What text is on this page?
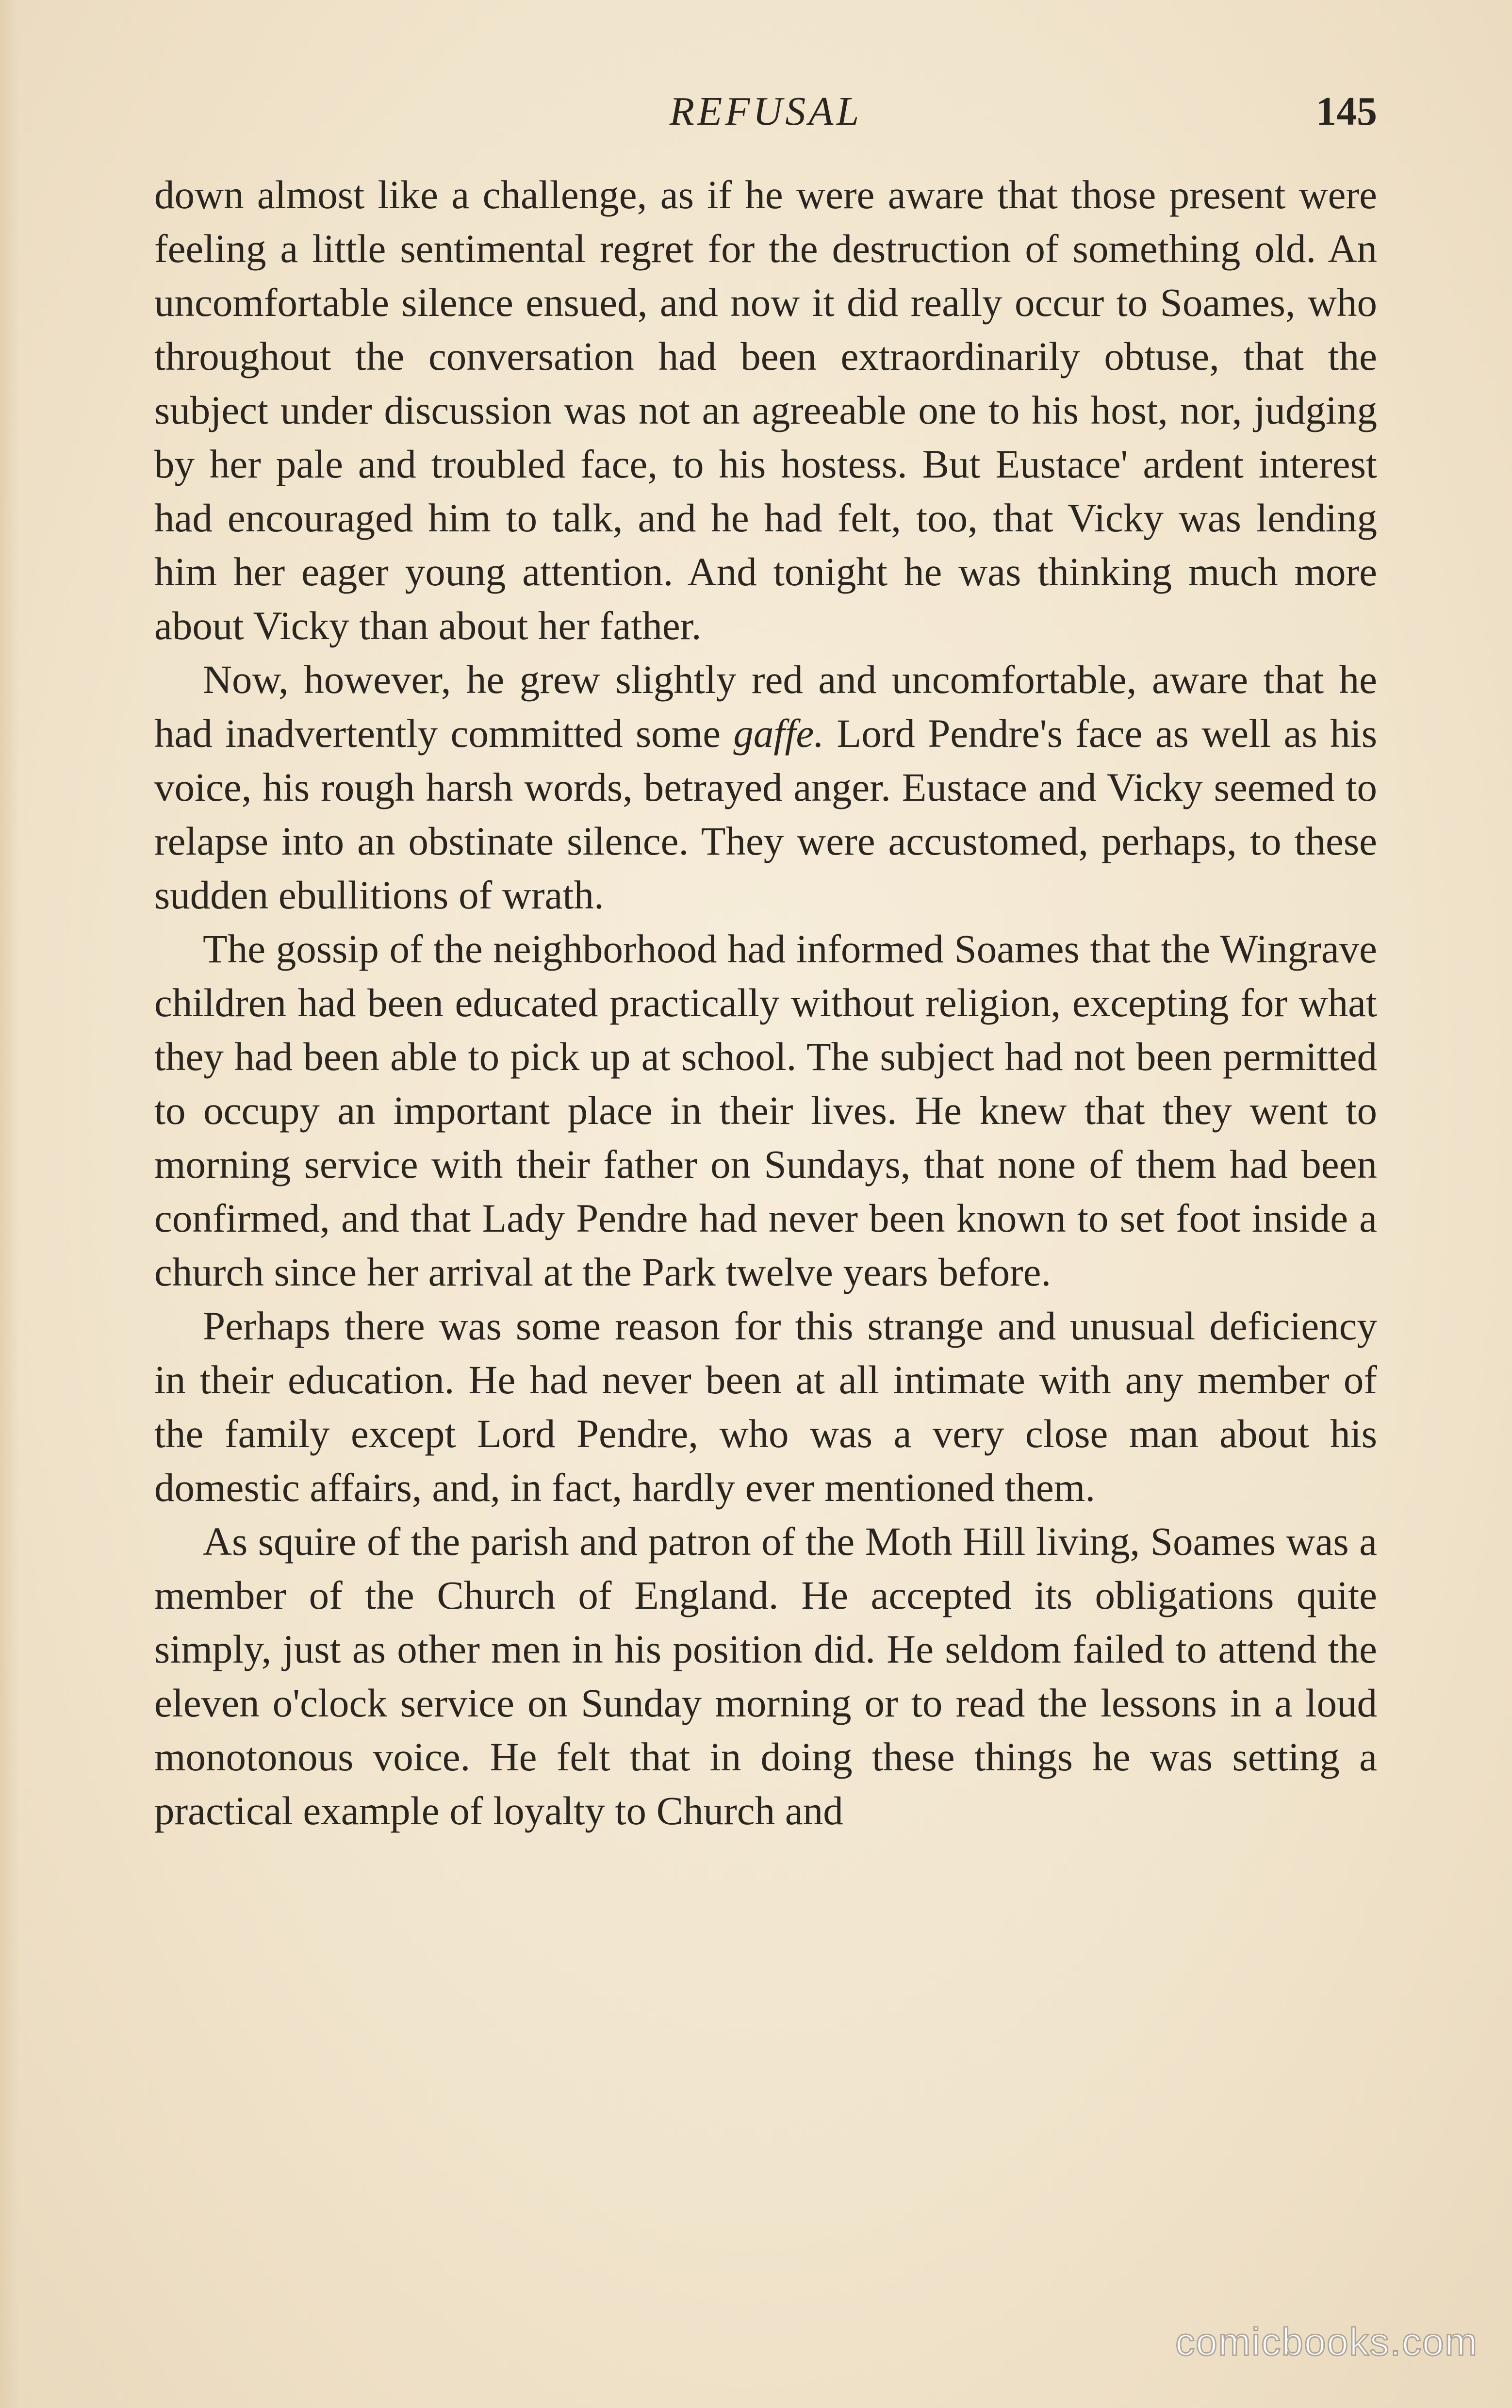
REFUSAL	145

down almost like a challenge, as if he were aware that those present were feeling a little sentimental regret for the destruction of something old. An uncomfortable silence ensued, and now it did really occur to Soames, who throughout the conversation had been extraordinarily obtuse, that the subject under discussion was not an agreeable one to his host, nor, judging by her pale and troubled face, to his hostess. But Eustace' ardent interest had encouraged him to talk, and he had felt, too, that Vicky was lending him her eager young attention. And tonight he was thinking much more about Vicky than about her father.

Now, however, he grew slightly red and uncomfortable, aware that he had inadvertently committed some gaffe. Lord Pendre's face as well as his voice, his rough harsh words, betrayed anger. Eustace and Vicky seemed to relapse into an obstinate silence. They were accustomed, perhaps, to these sudden ebullitions of wrath.

The gossip of the neighborhood had informed Soames that the Wingrave children had been educated practically without religion, excepting for what they had been able to pick up at school. The subject had not been permitted to occupy an important place in their lives. He knew that they went to morning service with their father on Sundays, that none of them had been confirmed, and that Lady Pendre had never been known to set foot inside a church since her arrival at the Park twelve years before.

Perhaps there was some reason for this strange and unusual deficiency in their education. He had never been at all intimate with any member of the family except Lord Pendre, who was a very close man about his domestic affairs, and, in fact, hardly ever mentioned them.

As squire of the parish and patron of the Moth Hill living, Soames was a member of the Church of England. He accepted its obligations quite simply, just as other men in his position did. He seldom failed to attend the eleven o'clock service on Sunday morning or to read the lessons in a loud monotonous voice. He felt that in doing these things he was setting a practical example of loyalty to Church and

comicbooks.com
